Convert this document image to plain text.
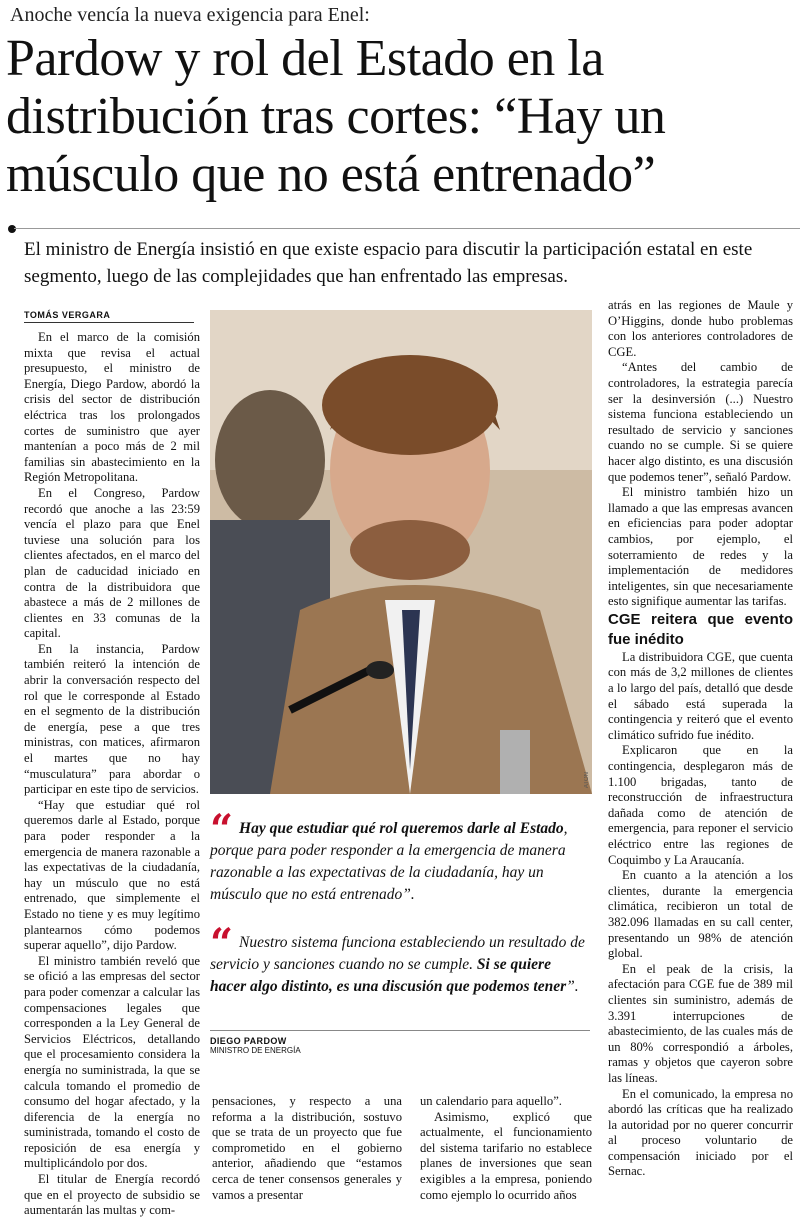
Anoche vencía la nueva exigencia para Enel:
Pardow y rol del Estado en la distribución tras cortes: “Hay un músculo que no está entrenado”

El ministro de Energía insistió en que existe espacio para discutir la participación estatal en este segmento, luego de las complejidades que han enfrentado las empresas.

TOMÁS VERGARA

En el marco de la comisión mixta que revisa el actual presupuesto, el ministro de Energía, Diego Pardow, abordó la crisis del sector de distribución eléctrica tras los prolongados cortes de suministro que ayer mantenían a poco más de 2 mil familias sin abastecimiento en la Región Metropolitana.

En el Congreso, Pardow recordó que anoche a las 23:59 vencía el plazo para que Enel tuviese una solución para los clientes afectados, en el marco del plan de caducidad iniciado en contra de la distribuidora que abastece a más de 2 millones de clientes en 33 comunas de la capital.

En la instancia, Pardow también reiteró la intención de abrir la conversación respecto del rol que le corresponde al Estado en el segmento de la distribución de energía, pese a que tres ministras, con matices, afirmaron el martes que no hay “musculatura” para abordar o participar en este tipo de servicios.

“Hay que estudiar qué rol queremos darle al Estado, porque para poder responder a la emergencia de manera razonable a las expectativas de la ciudadanía, hay un músculo que no está entrenado, que simplemente el Estado no tiene y es muy legítimo plantearnos cómo podemos superar aquello”, dijo Pardow.

El ministro también reveló que se ofició a las empresas del sector para poder comenzar a calcular las compensaciones legales que corresponden a la Ley General de Servicios Eléctricos, detallando que el procesamiento considera la energía no suministrada, la que se calcula tomando el promedio de consumo del hogar afectado, y la diferencia de la energía no suministrada, tomando el costo de reposición de esa energía y multiplicándolo por dos.

El titular de Energía recordó que en el proyecto de subsidio se aumentarán las multas y com-

ATON

“ Hay que estudiar qué rol queremos darle al Estado, porque para poder responder a la emergencia de manera razonable a las expectativas de la ciudadanía, hay un músculo que no está entrenado”.

“ Nuestro sistema funciona estableciendo un resultado de servicio y sanciones cuando no se cumple. Si se quiere hacer algo distinto, es una discusión que podemos tener”.

DIEGO PARDOW
MINISTRO DE ENERGÍA

pensaciones, y respecto a una reforma a la distribución, sostuvo que se trata de un proyecto que fue comprometido en el gobierno anterior, añadiendo que “estamos cerca de tener consensos generales y vamos a presentar

un calendario para aquello”.

Asimismo, explicó que actualmente, el funcionamiento del sistema tarifario no establece planes de inversiones que sean exigibles a la empresa, poniendo como ejemplo lo ocurrido años

atrás en las regiones de Maule y O’Higgins, donde hubo problemas con los anteriores controladores de CGE.

“Antes del cambio de controladores, la estrategia parecía ser la desinversión (...) Nuestro sistema funciona estableciendo un resultado de servicio y sanciones cuando no se cumple. Si se quiere hacer algo distinto, es una discusión que podemos tener”, señaló Pardow.

El ministro también hizo un llamado a que las empresas avancen en eficiencias para poder adoptar cambios, por ejemplo, el soterramiento de redes y la implementación de medidores inteligentes, sin que necesariamente esto signifique aumentar las tarifas.

CGE reitera que evento fue inédito

La distribuidora CGE, que cuenta con más de 3,2 millones de clientes a lo largo del país, detalló que desde el sábado está superada la contingencia y reiteró que el evento climático sufrido fue inédito.

Explicaron que en la contingencia, desplegaron más de 1.100 brigadas, tanto de reconstrucción de infraestructura dañada como de atención de emergencia, para reponer el servicio eléctrico entre las regiones de Coquimbo y La Araucanía.

En cuanto a la atención a los clientes, durante la emergencia climática, recibieron un total de 382.096 llamadas en su call center, presentando un 98% de atención global.

En el peak de la crisis, la afectación para CGE fue de 389 mil clientes sin suministro, además de 3.391 interrupciones de abastecimiento, de las cuales más de un 80% correspondió a árboles, ramas y objetos que cayeron sobre las líneas.

En el comunicado, la empresa no abordó las críticas que ha realizado la autoridad por no querer concurrir al proceso voluntario de compensación iniciado por el Sernac.
